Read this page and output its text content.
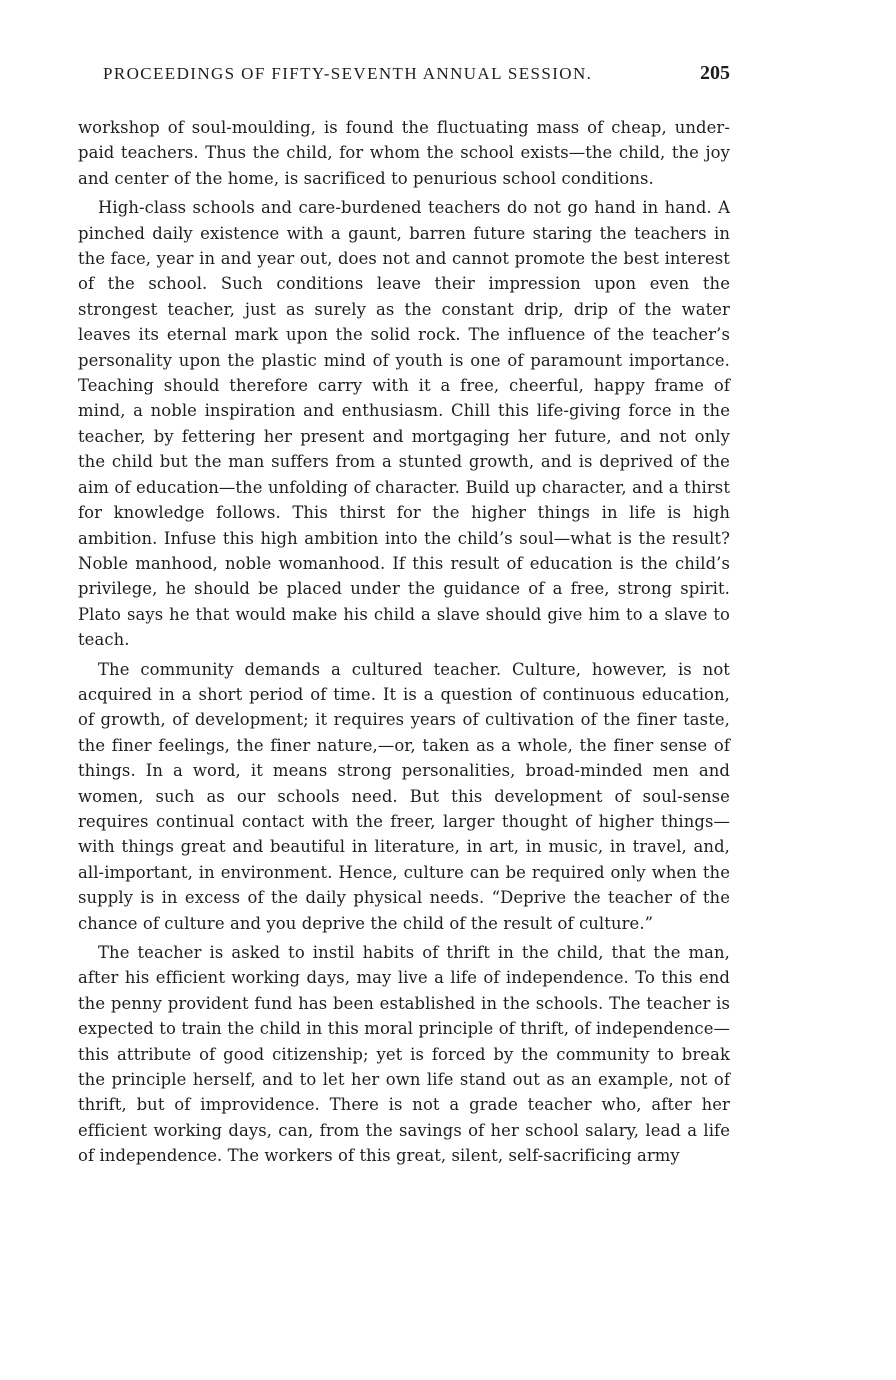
PROCEEDINGS OF FIFTY-SEVENTH ANNUAL SESSION.	205

workshop of soul-moulding, is found the fluctuating mass of cheap, under-paid teachers. Thus the child, for whom the school exists—the child, the joy and center of the home, is sacrificed to penurious school conditions.

High-class schools and care-burdened teachers do not go hand in hand. A pinched daily existence with a gaunt, barren future staring the teachers in the face, year in and year out, does not and cannot promote the best interest of the school. Such conditions leave their impression upon even the strongest teacher, just as surely as the constant drip, drip of the water leaves its eternal mark upon the solid rock. The influence of the teacher’s personality upon the plastic mind of youth is one of paramount importance. Teaching should therefore carry with it a free, cheerful, happy frame of mind, a noble inspiration and enthusiasm. Chill this life-giving force in the teacher, by fettering her present and mortgaging her future, and not only the child but the man suffers from a stunted growth, and is deprived of the aim of education—the unfolding of character. Build up character, and a thirst for knowledge follows. This thirst for the higher things in life is high ambition. Infuse this high ambition into the child’s soul—what is the result? Noble manhood, noble womanhood. If this result of education is the child’s privilege, he should be placed under the guidance of a free, strong spirit. Plato says he that would make his child a slave should give him to a slave to teach.

The community demands a cultured teacher. Culture, however, is not acquired in a short period of time. It is a question of continuous education, of growth, of development; it requires years of cultivation of the finer taste, the finer feelings, the finer nature,—or, taken as a whole, the finer sense of things. In a word, it means strong personalities, broad-minded men and women, such as our schools need. But this development of soul-sense requires continual contact with the freer, larger thought of higher things—with things great and beautiful in literature, in art, in music, in travel, and, all-important, in environment. Hence, culture can be required only when the supply is in excess of the daily physical needs. “Deprive the teacher of the chance of culture and you deprive the child of the result of culture.”

The teacher is asked to instil habits of thrift in the child, that the man, after his efficient working days, may live a life of independence. To this end the penny provident fund has been established in the schools. The teacher is expected to train the child in this moral principle of thrift, of independence—this attribute of good citizenship; yet is forced by the community to break the principle herself, and to let her own life stand out as an example, not of thrift, but of improvidence. There is not a grade teacher who, after her efficient working days, can, from the savings of her school salary, lead a life of independence. The workers of this great, silent, self-sacrificing army
